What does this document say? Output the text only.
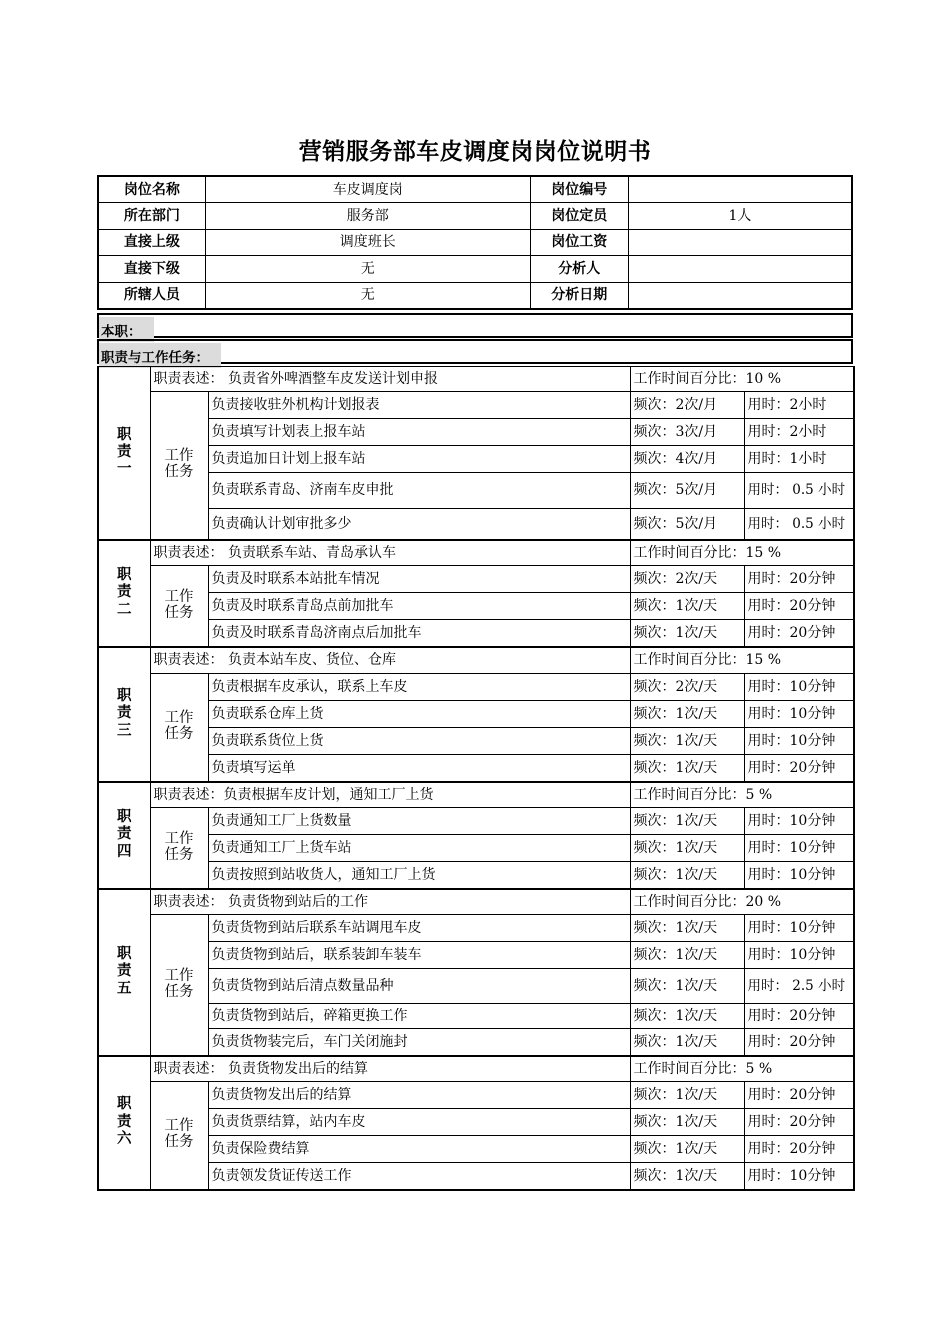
营销服务部车皮调度岗岗位说明书
岗位名称	车皮调度岗	岗位编号	
所在部门	服务部	岗位定员	1人
直接上级	调度班长	岗位工资	
直接下级	无	分析人	
所辖人员	无	分析日期	
本职：
职责与工作任务：
职责一	职责表述： 负责省外啤酒整车皮发送计划申报		工作时间百分比：10 %	
	工作任务	负责接收驻外机构计划报表	频次：2次/月	用时：2小时
		负责填写计划表上报车站	频次：3次/月	用时：2小时
		负责追加日计划上报车站	频次：4次/月	用时：1小时
		负责联系青岛、济南车皮申批	频次：5次/月	用时： 0.5 小时
		负责确认计划审批多少	频次：5次/月	用时： 0.5 小时
职责二	职责表述： 负责联系车站、青岛承认车		工作时间百分比：15 %	
	工作任务	负责及时联系本站批车情况	频次：2次/天	用时：20分钟
		负责及时联系青岛点前加批车	频次：1次/天	用时：20分钟
		负责及时联系青岛济南点后加批车	频次：1次/天	用时：20分钟
职责三	职责表述： 负责本站车皮、货位、仓库		工作时间百分比：15 %	
	工作任务	负责根据车皮承认，联系上车皮	频次：2次/天	用时：10分钟
		负责联系仓库上货	频次：1次/天	用时：10分钟
		负责联系货位上货	频次：1次/天	用时：10分钟
		负责填写运单	频次：1次/天	用时：20分钟
职责四	职责表述：负责根据车皮计划，通知工厂上货		工作时间百分比：5 %	
	工作任务	负责通知工厂上货数量	频次：1次/天	用时：10分钟
		负责通知工厂上货车站	频次：1次/天	用时：10分钟
		负责按照到站收货人，通知工厂上货	频次：1次/天	用时：10分钟
职责五	职责表述： 负责货物到站后的工作		工作时间百分比：20 %	
	工作任务	负责货物到站后联系车站调甩车皮	频次：1次/天	用时：10分钟
		负责货物到站后，联系装卸车装车	频次：1次/天	用时：10分钟
		负责货物到站后清点数量品种	频次：1次/天	用时： 2.5 小时
		负责货物到站后，碎箱更换工作	频次：1次/天	用时：20分钟
		负责货物装完后，车门关闭施封	频次：1次/天	用时：20分钟
职责六	职责表述： 负责货物发出后的结算		工作时间百分比：5 %	
	工作任务	负责货物发出后的结算	频次：1次/天	用时：20分钟
		负责货票结算，站内车皮	频次：1次/天	用时：20分钟
		负责保险费结算	频次：1次/天	用时：20分钟
		负责领发货证传送工作	频次：1次/天	用时：10分钟
